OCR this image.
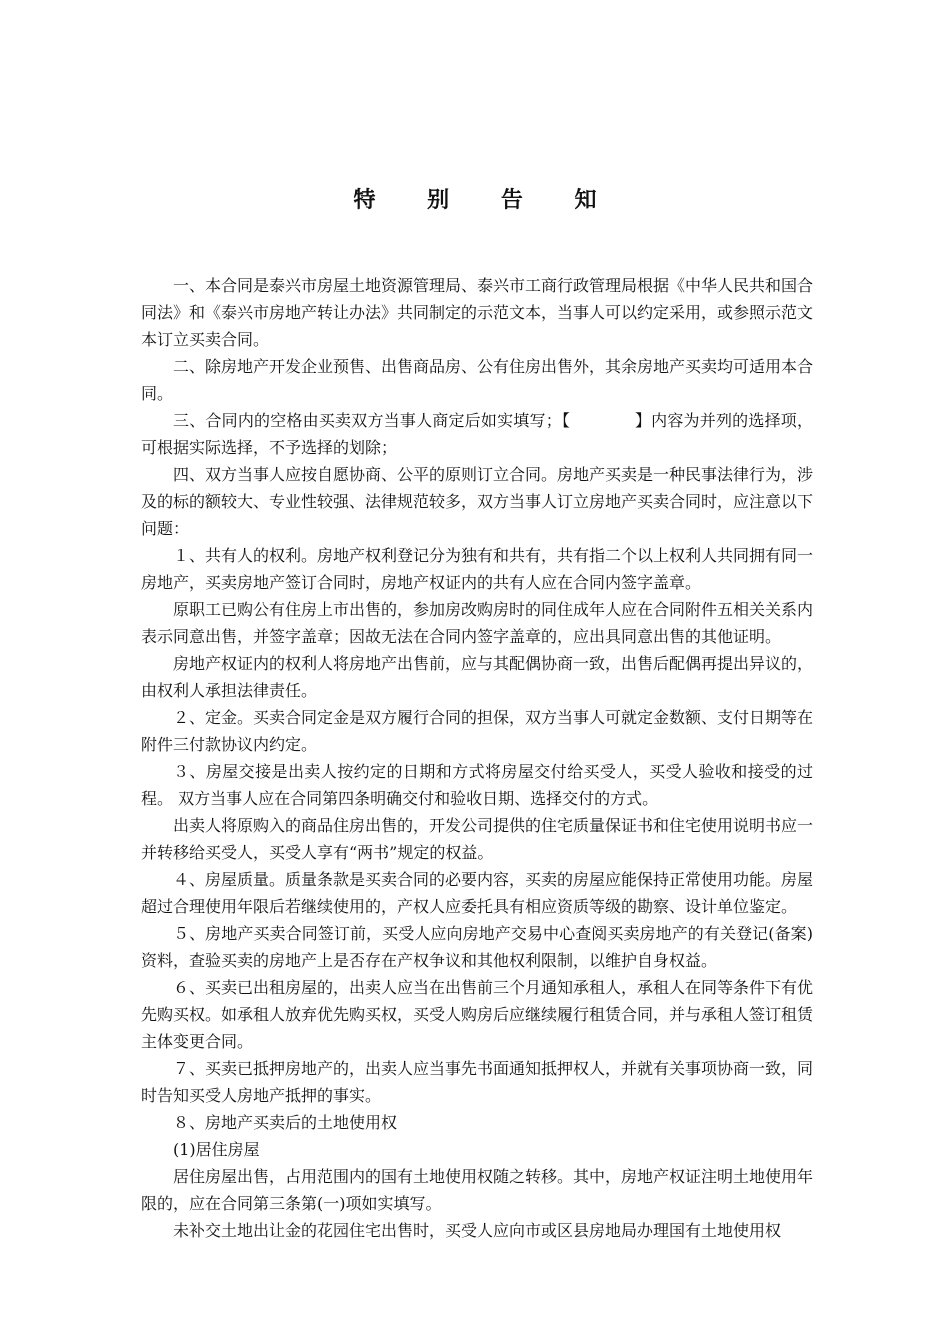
特 别 告 知

一、本合同是泰兴市房屋土地资源管理局、泰兴市工商行政管理局根据《中华人民共和国合同法》和《泰兴市房地产转让办法》共同制定的示范文本，当事人可以约定采用，或参照示范文本订立买卖合同。

二、除房地产开发企业预售、出售商品房、公有住房出售外，其余房地产买卖均可适用本合同。

三、合同内的空格由买卖双方当事人商定后如实填写；【　　　　】内容为并列的选择项，可根据实际选择，不予选择的划除；

四、双方当事人应按自愿协商、公平的原则订立合同。房地产买卖是一种民事法律行为，涉及的标的额较大、专业性较强、法律规范较多，双方当事人订立房地产买卖合同时，应注意以下问题：

１、共有人的权利。房地产权利登记分为独有和共有，共有指二个以上权利人共同拥有同一房地产，买卖房地产签订合同时，房地产权证内的共有人应在合同内签字盖章。

原职工已购公有住房上市出售的，参加房改购房时的同住成年人应在合同附件五相关关系内表示同意出售，并签字盖章；因故无法在合同内签字盖章的，应出具同意出售的其他证明。

房地产权证内的权利人将房地产出售前，应与其配偶协商一致，出售后配偶再提出异议的，由权利人承担法律责任。

２、定金。买卖合同定金是双方履行合同的担保，双方当事人可就定金数额、支付日期等在附件三付款协议内约定。

３、房屋交接是出卖人按约定的日期和方式将房屋交付给买受人，买受人验收和接受的过程。 双方当事人应在合同第四条明确交付和验收日期、选择交付的方式。

出卖人将原购入的商品住房出售的，开发公司提供的住宅质量保证书和住宅使用说明书应一并转移给买受人，买受人享有“两书”规定的权益。

４、房屋质量。质量条款是买卖合同的必要内容，买卖的房屋应能保持正常使用功能。房屋超过合理使用年限后若继续使用的，产权人应委托具有相应资质等级的勘察、设计单位鉴定。

５、房地产买卖合同签订前，买受人应向房地产交易中心查阅买卖房地产的有关登记(备案)资料，查验买卖的房地产上是否存在产权争议和其他权利限制，以维护自身权益。

６、买卖已出租房屋的，出卖人应当在出售前三个月通知承租人，承租人在同等条件下有优先购买权。如承租人放弃优先购买权，买受人购房后应继续履行租赁合同，并与承租人签订租赁主体变更合同。

７、买卖已抵押房地产的，出卖人应当事先书面通知抵押权人，并就有关事项协商一致，同时告知买受人房地产抵押的事实。

８、房地产买卖后的土地使用权

(1)居住房屋

居住房屋出售，占用范围内的国有土地使用权随之转移。其中，房地产权证注明土地使用年限的，应在合同第三条第(一)项如实填写。

未补交土地出让金的花园住宅出售时，买受人应向市或区县房地局办理国有土地使用权
